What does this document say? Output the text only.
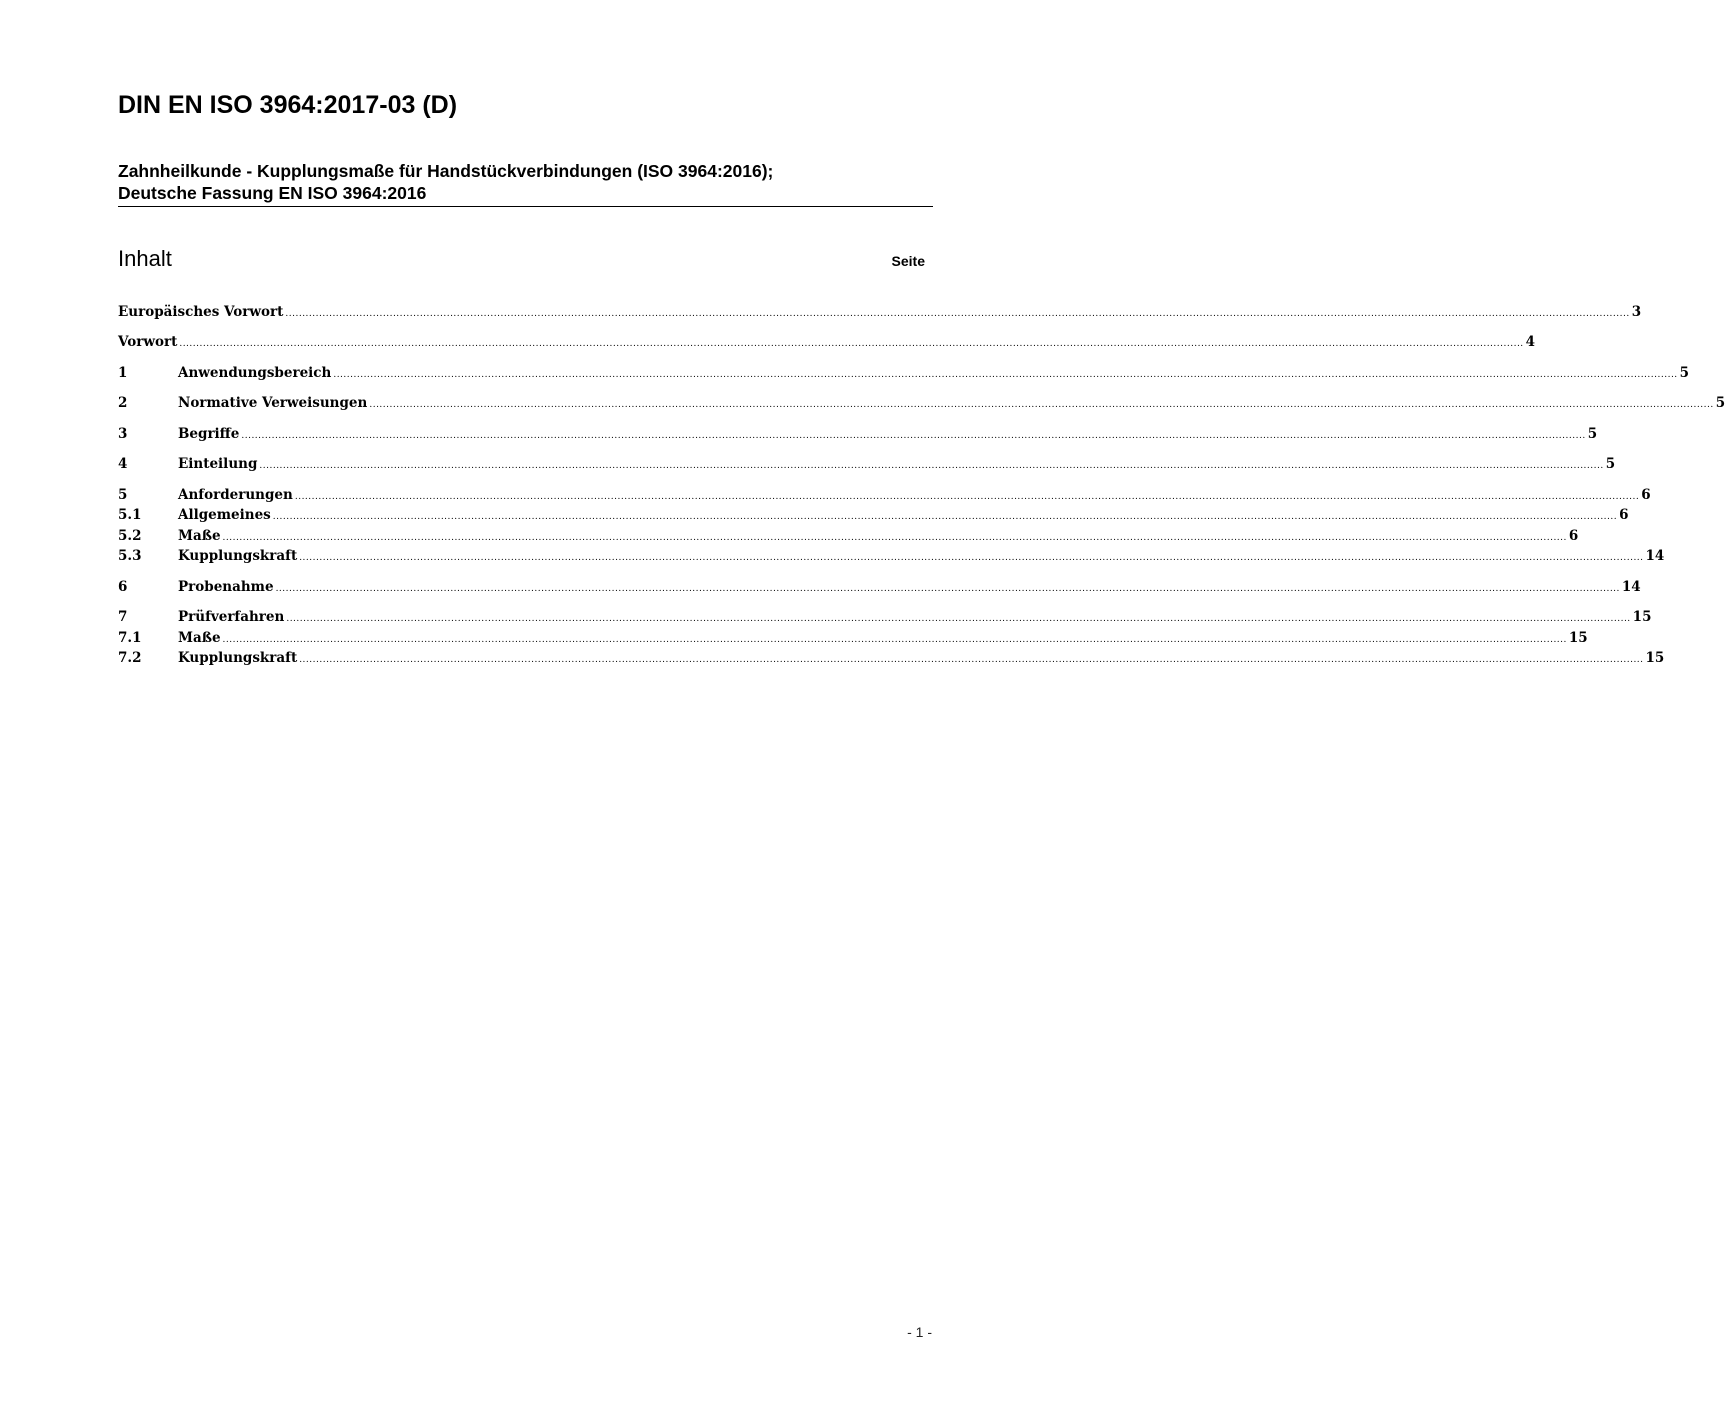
DIN EN ISO 3964:2017-03 (D)
Zahnheilkunde - Kupplungsmaße für Handstückverbindungen (ISO 3964:2016);
Deutsche Fassung EN ISO 3964:2016
Inhalt	Seite
Europäisches Vorwort ................................................................................................................................................................................................................................................................................................................................................................................................................ 3
Vorwort ................................................................................................................................................................................................................................................................................................................................................................................................................ 4
1	Anwendungsbereich ................................................................................................................................................................................................................................................................................................................................................................................................................ 5
2	Normative Verweisungen ................................................................................................................................................................................................................................................................................................................................................................................................................ 5
3	Begriffe ................................................................................................................................................................................................................................................................................................................................................................................................................ 5
4	Einteilung ................................................................................................................................................................................................................................................................................................................................................................................................................ 5
5	Anforderungen ................................................................................................................................................................................................................................................................................................................................................................................................................ 6
5.1	Allgemeines ................................................................................................................................................................................................................................................................................................................................................................................................................ 6
5.2	Maße ................................................................................................................................................................................................................................................................................................................................................................................................................ 6
5.3	Kupplungskraft ................................................................................................................................................................................................................................................................................................................................................................................................................ 14
6	Probenahme ................................................................................................................................................................................................................................................................................................................................................................................................................ 14
7	Prüfverfahren ................................................................................................................................................................................................................................................................................................................................................................................................................ 15
7.1	Maße ................................................................................................................................................................................................................................................................................................................................................................................................................ 15
7.2	Kupplungskraft ................................................................................................................................................................................................................................................................................................................................................................................................................ 15
- 1 -
